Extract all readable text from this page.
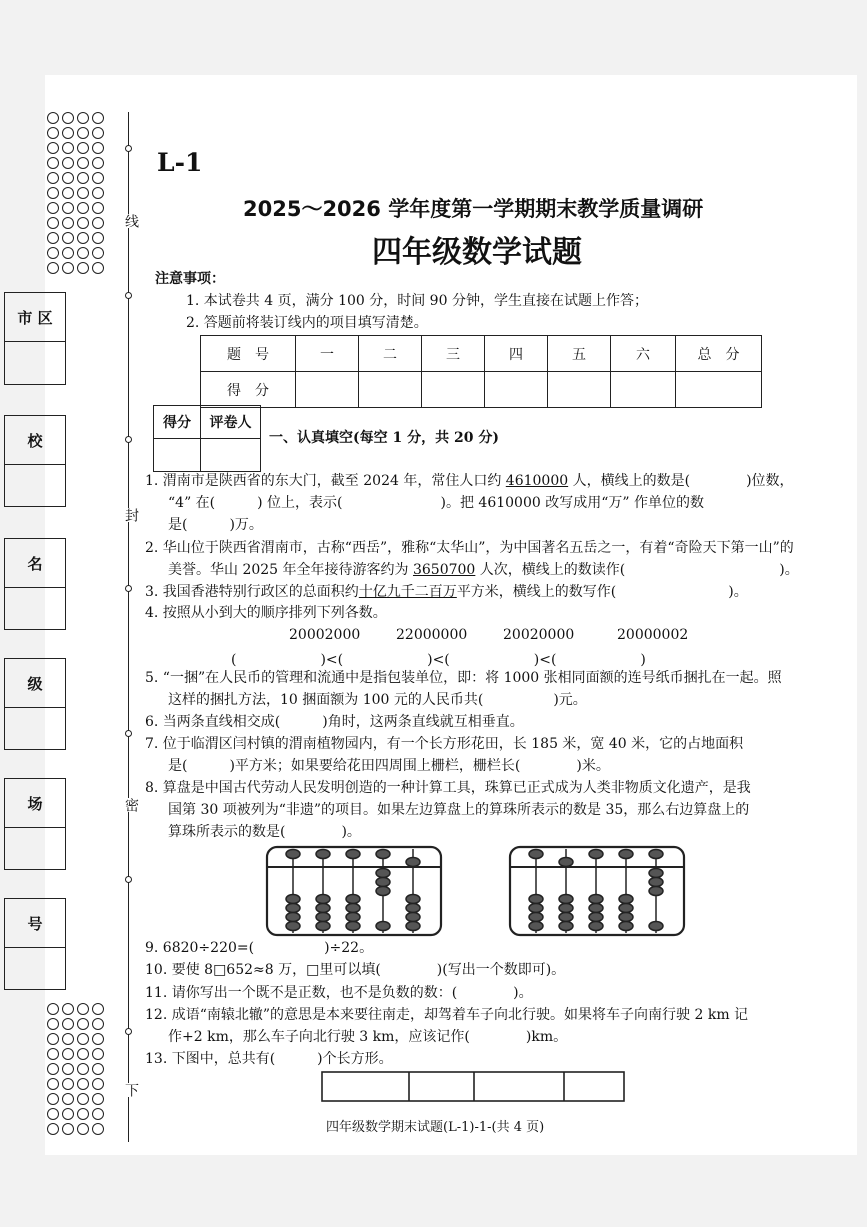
线
封
密
下
市 区
校
名
级
场
号
L-1
2025～2026 学年度第一学期期末教学质量调研
四年级数学试题
注意事项：
1. 本试卷共 4 页，满分 100 分，时间 90 分钟，学生直接在试题上作答；
2. 答题前将装订线内的项目填写清楚。
题　号	一	二	三	四	五	六	总　分
得　分							
得分	评卷人

一、认真填空(每空 1 分，共 20 分)
1. 渭南市是陕西省的东大门，截至 2024 年，常住人口约 4610000 人，横线上的数是(　　　　)位数，
“4” 在(　　　) 位上，表示(　　　　　　　)。把 4610000 改写成用“万” 作单位的数
是(　　　)万。
2. 华山位于陕西省渭南市，古称“西岳”，雅称“太华山”，为中国著名五岳之一，有着“奇险天下第一山”的
美誉。华山 2025 年全年接待游客约为 3650700 人次，横线上的数读作(　　　　　　　　　　　)。
3. 我国香港特别行政区的总面积约十亿九千二百万平方米，横线上的数写作(　　　　　　　　)。
4. 按照从小到大的顺序排列下列各数。
20002000	22000000	20020000	20000002
(　　　　　　)<(　　　　　　)<(　　　　　　)<(　　　　　　)
5. “一捆”在人民币的管理和流通中是指包装单位，即：将 1000 张相同面额的连号纸币捆扎在一起。照
这样的捆扎方法，10 捆面额为 100 元的人民币共(　　　　　)元。
6. 当两条直线相交成(　　　)角时，这两条直线就互相垂直。
7. 位于临渭区闫村镇的渭南植物园内，有一个长方形花田，长 185 米，宽 40 米，它的占地面积
是(　　　)平方米；如果要给花田四周围上栅栏，栅栏长(　　　　)米。
8. 算盘是中国古代劳动人民发明创造的一种计算工具，珠算已正式成为人类非物质文化遗产，是我
国第 30 项被列为“非遗”的项目。如果左边算盘上的算珠所表示的数是 35，那么右边算盘上的
算珠所表示的数是(　　　　)。
9. 6820÷220=(　　　　　)÷22。
10. 要使 8□652≈8 万，□里可以填(　　　　)(写出一个数即可)。
11. 请你写出一个既不是正数，也不是负数的数：(　　　　)。
12. 成语“南辕北辙”的意思是本来要往南走，却驾着车子向北行驶。如果将车子向南行驶 2 km 记
作+2 km，那么车子向北行驶 3 km，应该记作(　　　　)km。
13. 下图中，总共有(　　　)个长方形。
四年级数学期末试题(L-1)-1-(共 4 页)
